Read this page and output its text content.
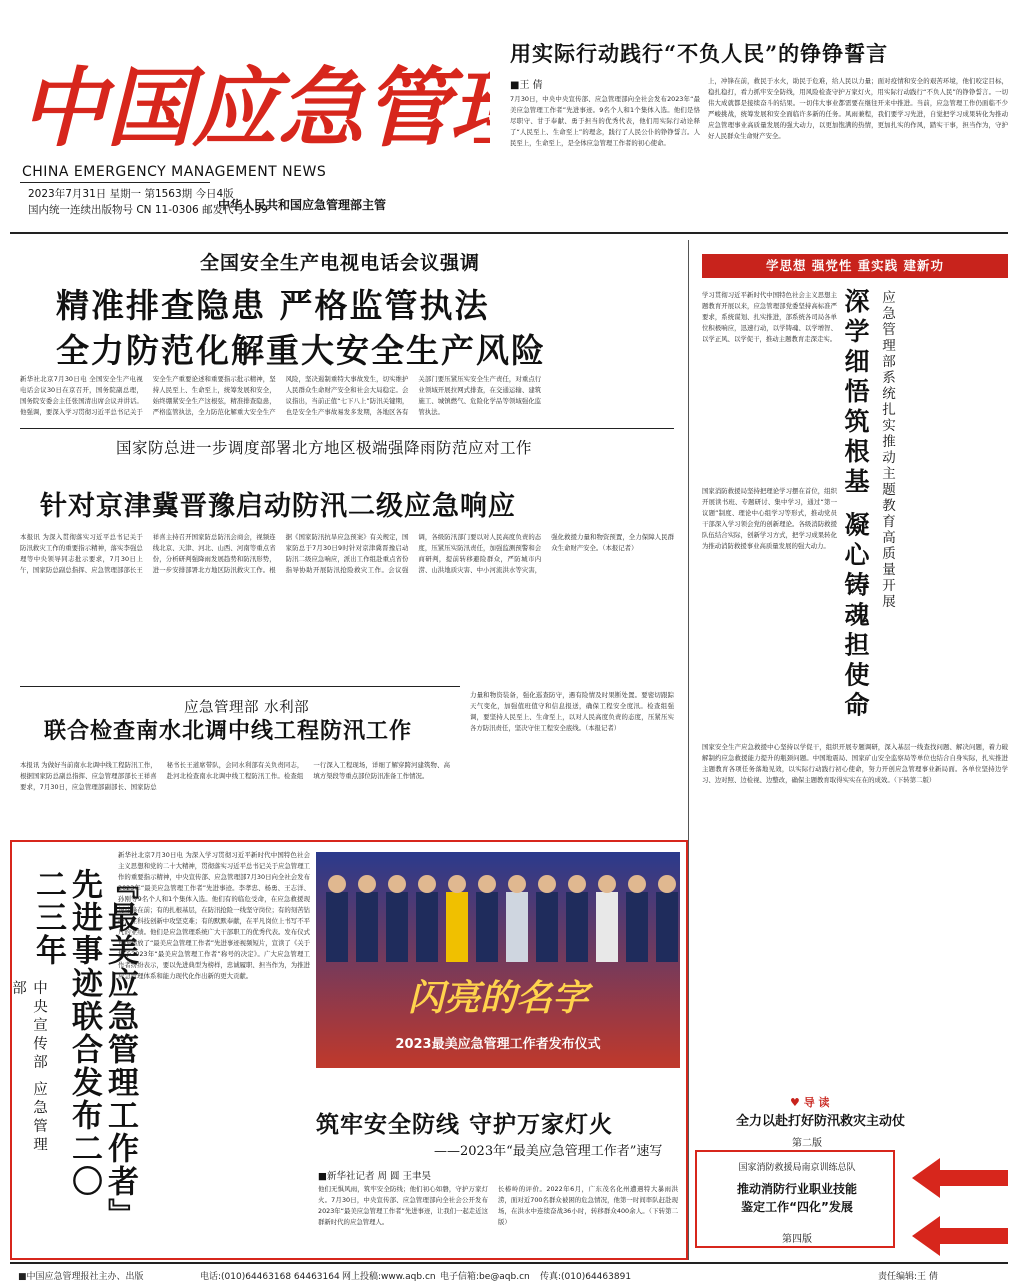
中国应急管
CHINA EMERGENCY MANAGEMENT NEWS
2023年7月31日 星期一 第1563期 今日4版
国内统一连续出版物号 CN 11-0306 邮发代号1-99
中华人民共和国应急管理部主管
用实际行动践行“不负人民”的铮铮誓言
■王 倩
7月30日，中央中央宣传部、应急管理部向全社会发布2023年“最美应急管理工作者”先进事迹。9名个人和1个集体入选。他们是恪尽职守、甘于奉献、勇于担当的优秀代表，他们用实际行动诠释了“人民至上、生命至上”的理念，践行了人民公仆的铮铮誓言。人民至上，生命至上，是全体应急管理工作者的初心使命。
上，冲锋在前，救民于水火，助民于危难，给人民以力量；面对疫情和安全的艰苦环境，他们咬定目标，稳扎稳打，看力抓牢安全防线，用风险检查守护万家灯火，用实际行动践行“不负人民”的铮铮誓言。一切伟大成就都是接续奋斗的结果。一切伟大事业都需要在继往开来中推进。当前，应急管理工作仍面临不少严峻挑战，统筹发展和安全面临许多新的任务。风雨兼程，我们要学习先进，自觉把学习成果转化为推动应急管理事业高质量发展的强大动力，以更加饱满的热情，更加扎实的作风，踏实干事，担当作为，守护好人民群众生命财产安全。
全国安全生产电视电话会议强调
精准排查隐患 严格监管执法
全力防范化解重大安全生产风险
新华社北京7月30日电 全国安全生产电视电话会议30日在京召开，国务院副总理，国务院安委会主任张国清出席会议并讲话。他强调，要深入学习贯彻习近平总书记关于安全生产重要论述和重要指示批示精神，坚持人民至上、生命至上，统筹发展和安全，始终绷紧安全生产这根弦，精准排查隐患，严格监管执法，全力防范化解重大安全生产风险，坚决遏制重特大事故发生，切实维护人民群众生命财产安全和社会大局稳定。会议指出，当前正值“七下八上”防汛关键期，也是安全生产事故易发多发期，各地区各有关部门要压紧压实安全生产责任，对重点行业领域开展拉网式排查，在交通运输、建筑施工、城镇燃气、危险化学品等领域强化监管执法。
国家防总进一步调度部署北方地区极端强降雨防范应对工作
针对京津冀晋豫启动防汛二级应急响应
本报讯 为深入贯彻落实习近平总书记关于防汛救灾工作的重要指示精神，落实李强总理等中央领导同志批示要求，7月30日上午，国家防总副总指挥、应急管理部部长王祥喜主持召开国家防总防汛会商会，视频连线北京、天津、河北、山西、河南等重点省份，分析研判强降雨发展趋势和防汛形势，进一步安排部署北方地区防汛救灾工作。根据《国家防汛抗旱应急预案》有关规定，国家防总于7月30日9时针对京津冀晋豫启动防汛二级应急响应，派出工作组赴重点省份指导协助开展防汛抢险救灾工作。会议强调，各级防汛部门要以对人民高度负责的态度，压紧压实防汛责任，加强监测预警和会商研判，提前转移避险群众，严防城市内涝、山洪地质灾害、中小河流洪水等灾害，强化救援力量和物资预置，全力保障人民群众生命财产安全。（本报记者）
应急管理部 水利部
联合检查南水北调中线工程防汛工作
本报讯 为做好当前南水北调中线工程防汛工作，根据国家防总副总指挥、应急管理部部长王祥喜要求，7月30日，应急管理部副部长、国家防总秘书长王道席带队，会同水利部有关负责同志，赴河北检查南水北调中线工程防汛工作。检查组一行深入工程现场，详细了解穿跨河建筑物、高填方渠段等重点部位防汛准备工作情况。
力量和物资装备，强化巡查防守，遇有险情及时果断处置。要密切跟踪天气变化，加强值班值守和信息报送，确保工程安全度汛。检查组强调，要坚持人民至上、生命至上，以对人民高度负责的态度，压紧压实各方防汛责任，坚决守住工程安全底线。（本报记者）
『最美应急管理工作者』先进事迹联合发布二〇二三年
中央宣传部 应急管理部
新华社北京7月30日电 为深入学习贯彻习近平新时代中国特色社会主义思想和党的二十大精神，贯彻落实习近平总书记关于应急管理工作的重要指示精神，中央宣传部、应急管理部7月30日向全社会发布2023年“最美应急管理工作者”先进事迹。李孝忠、杨勇、王志洋、孙刚等9名个人和1个集体入选。他们有的临危受命，在应急救援现场冲锋在前；有的扎根基层，在防汛抢险一线坚守岗位；有的刻苦钻研，在科技创新中攻坚克难；有的默默奉献，在平凡岗位上书写不平凡的业绩。他们是应急管理系统广大干部职工的优秀代表。发布仪式现场播放了“最美应急管理工作者”先进事迹视频短片，宣读了《关于授予2023年“最美应急管理工作者”称号的决定》。广大应急管理工作者纷纷表示，要以先进典型为榜样，忠诚履职、担当作为，为推进应急管理体系和能力现代化作出新的更大贡献。
闪亮的名字
2023最美应急管理工作者发布仪式
筑牢安全防线 守护万家灯火
——2023年“最美应急管理工作者”速写
■新华社记者 周 圆 王聿昊
他们无惧风雨，筑牢安全防线；他们初心如磐，守护万家灯火。7月30日，中央宣传部、应急管理部向全社会公开发布2023年“最美应急管理工作者”先进事迹，让我们一起走近这群新时代的应急管理人。
长椿岭的评价。2022年6月，广东茂名化州遭遇特大暴雨洪涝，面对近700名群众被困的危急情况，他第一时间率队赶赴现场，在洪水中连续奋战36小时，转移群众400余人。（下转第二版）
学思想 强党性 重实践 建新功
学习贯彻习近平新时代中国特色社会主义思想主题教育开展以来，应急管理部党委坚持高标准严要求，系统谋划、扎实推进，部系统各司局各单位积极响应，迅速行动，以学铸魂、以学增智、以学正风、以学促干，推动主题教育走深走实。 深学细悟筑根基 凝心铸魂担使命 应急管理部系统扎实推动主题教育高质量开展
国家消防救援局坚持把理论学习摆在首位，组织开展读书班、专题研讨、集中学习，通过“第一议题”制度、理论中心组学习等形式，推动党员干部深入学习领会党的创新理论。各级消防救援队伍结合实际，创新学习方式，把学习成果转化为推动消防救援事业高质量发展的强大动力。
国家安全生产应急救援中心坚持以学促干，组织开展专题调研，深入基层一线查找问题、解决问题，着力破解制约应急救援能力提升的瓶颈问题。中国地震局、国家矿山安全监察局等单位也结合自身实际，扎实推进主题教育各项任务落地见效，以实际行动践行初心使命，努力开创应急管理事业新局面。各单位坚持边学习、边对照、边检视、边整改，确保主题教育取得实实在在的成效。（下转第二版）
♥ 导 读
全力以赴打好防汛救灾主动仗
第二版
国家消防救援局南京训练总队
推动消防行业职业技能
鉴定工作“四化”发展
第四版
■中国应急管理报社主办、出版	电话:(010)64463168 64463164 网上投稿:www.aqb.cn 电子信箱:be@aqb.cn 传真:(010)64463891	责任编辑:王 倩
